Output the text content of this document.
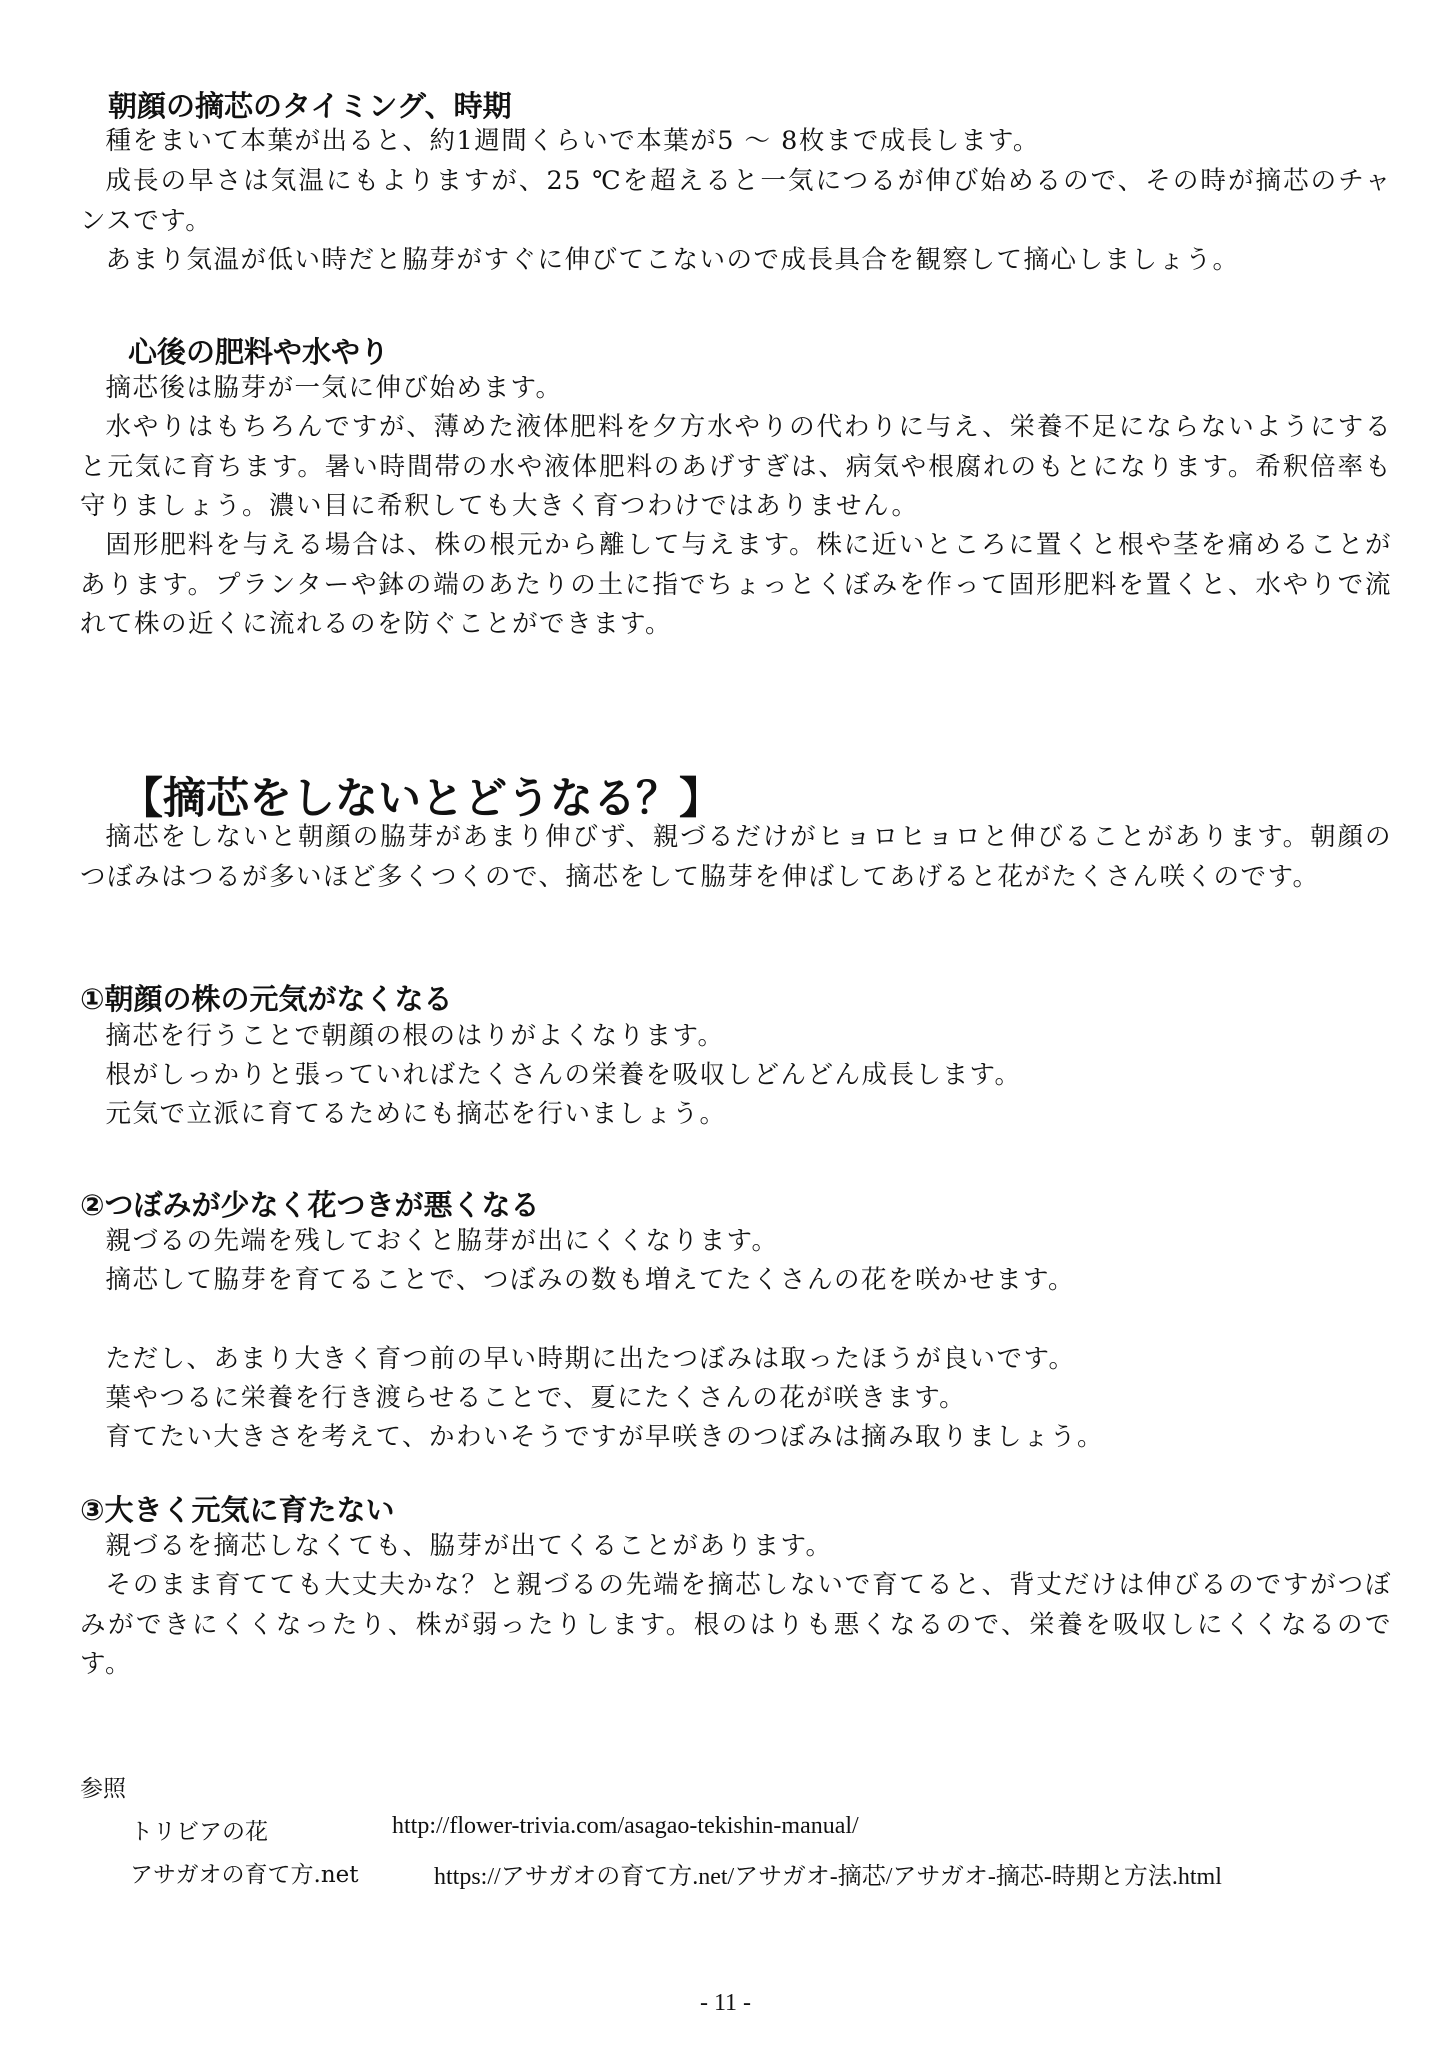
朝顔の摘芯のタイミング、時期

種をまいて本葉が出ると、約1週間くらいで本葉が5 ～ 8枚まで成長します。

成長の早さは気温にもよりますが、25 ℃を超えると一気につるが伸び始めるので、その時が摘芯のチャンスです。

あまり気温が低い時だと脇芽がすぐに伸びてこないので成長具合を観察して摘心しましょう。

心後の肥料や水やり

摘芯後は脇芽が一気に伸び始めます。

水やりはもちろんですが、薄めた液体肥料を夕方水やりの代わりに与え、栄養不足にならないようにすると元気に育ちます。暑い時間帯の水や液体肥料のあげすぎは、病気や根腐れのもとになります。希釈倍率も守りましょう。濃い目に希釈しても大きく育つわけではありません。

固形肥料を与える場合は、株の根元から離して与えます。株に近いところに置くと根や茎を痛めることがあります。プランターや鉢の端のあたりの土に指でちょっとくぼみを作って固形肥料を置くと、水やりで流れて株の近くに流れるのを防ぐことができます。

【摘芯をしないとどうなる？】

摘芯をしないと朝顔の脇芽があまり伸びず、親づるだけがヒョロヒョロと伸びることがあります。朝顔のつぼみはつるが多いほど多くつくので、摘芯をして脇芽を伸ばしてあげると花がたくさん咲くのです。

①朝顔の株の元気がなくなる

摘芯を行うことで朝顔の根のはりがよくなります。

根がしっかりと張っていればたくさんの栄養を吸収しどんどん成長します。

元気で立派に育てるためにも摘芯を行いましょう。

②つぼみが少なく花つきが悪くなる

親づるの先端を残しておくと脇芽が出にくくなります。

摘芯して脇芽を育てることで、つぼみの数も増えてたくさんの花を咲かせます。

ただし、あまり大きく育つ前の早い時期に出たつぼみは取ったほうが良いです。

葉やつるに栄養を行き渡らせることで、夏にたくさんの花が咲きます。

育てたい大きさを考えて、かわいそうですが早咲きのつぼみは摘み取りましょう。

③大きく元気に育たない

親づるを摘芯しなくても、脇芽が出てくることがあります。

そのまま育てても大丈夫かな？と親づるの先端を摘芯しないで育てると、背丈だけは伸びるのですがつぼみができにくくなったり、株が弱ったりします。根のはりも悪くなるので、栄養を吸収しにくくなるのです。

参照

トリビアの花	http://flower-trivia.com/asagao-tekishin-manual/

アサガオの育て方.net	https://アサガオの育て方.net/アサガオ-摘芯/アサガオ-摘芯-時期と方法.html

- 11 -
